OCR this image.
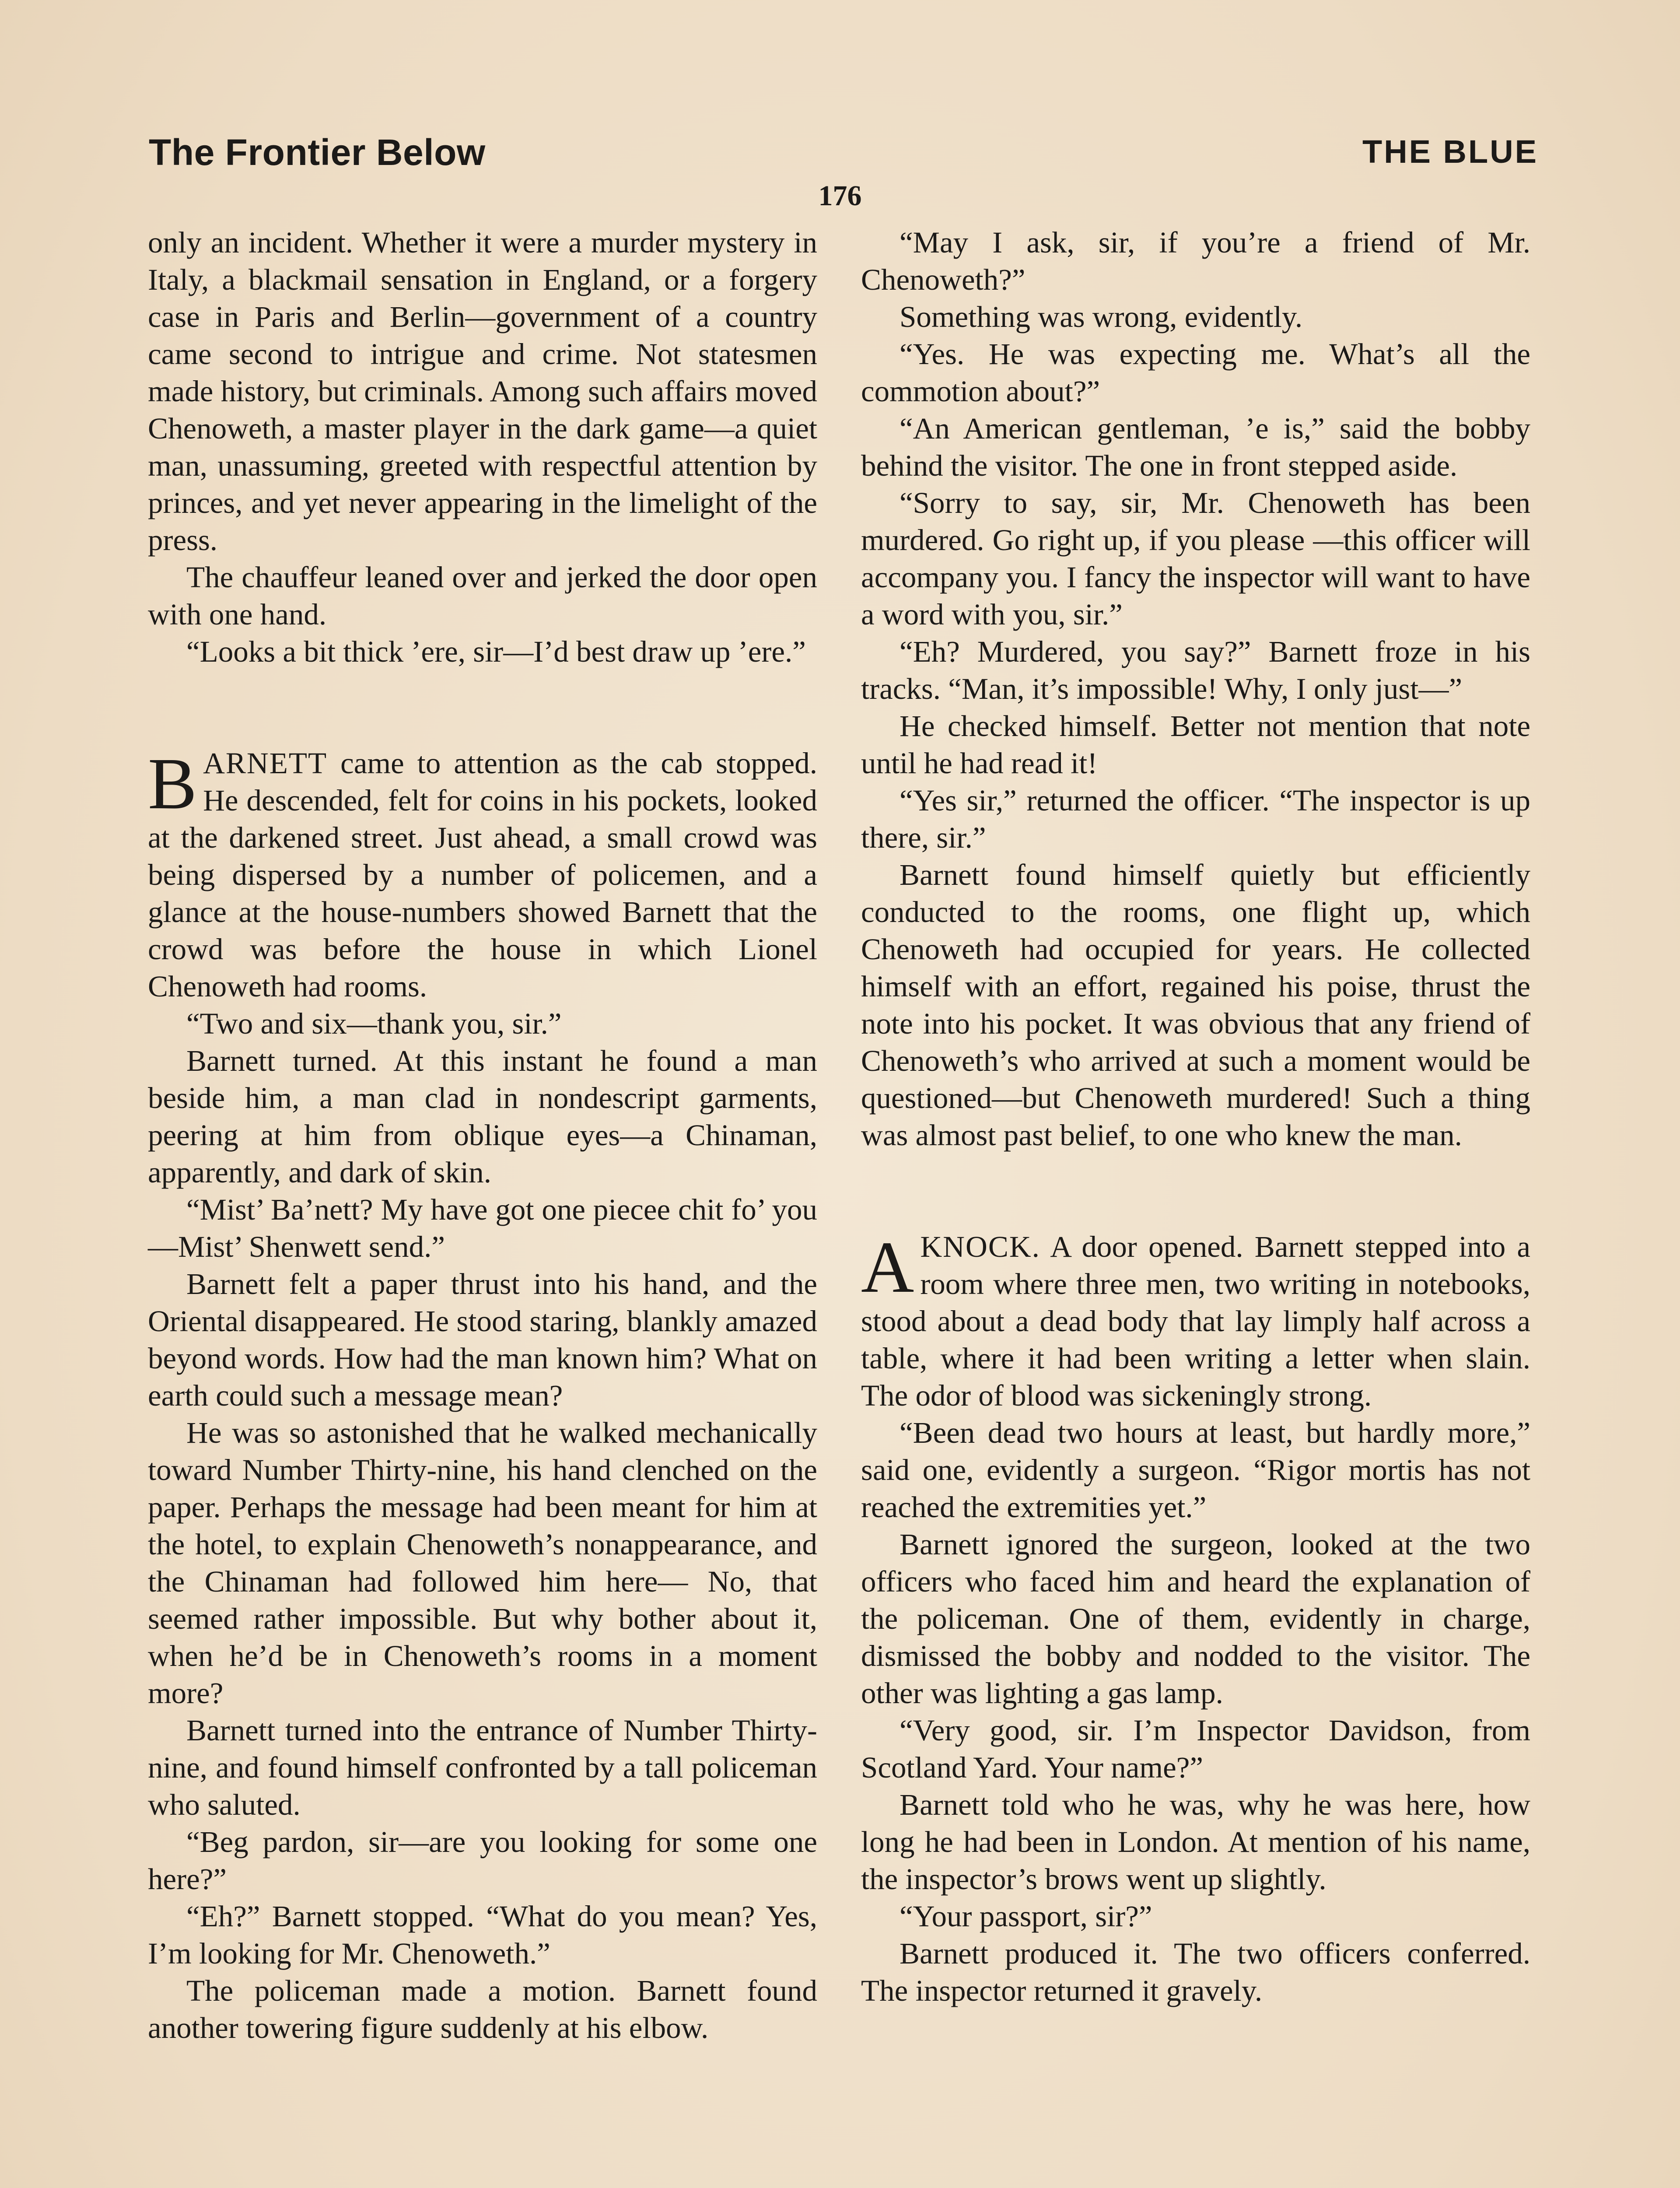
The Frontier Below	THE BLUE
176

only an incident. Whether it were a murder mystery in Italy, a blackmail sensation in England, or a forgery case in Paris and Berlin—government of a country came second to intrigue and crime. Not statesmen made history, but criminals. Among such affairs moved Chenoweth, a master player in the dark game—a quiet man, unassuming, greeted with respectful attention by princes, and yet never appearing in the limelight of the press.

The chauffeur leaned over and jerked the door open with one hand.

“Looks a bit thick ’ere, sir—I’d best draw up ’ere.”

BARNETT came to attention as the cab stopped. He descended, felt for coins in his pockets, looked at the darkened street. Just ahead, a small crowd was being dispersed by a number of policemen, and a glance at the house-numbers showed Barnett that the crowd was before the house in which Lionel Chenoweth had rooms.

“Two and six—thank you, sir.”

Barnett turned. At this instant he found a man beside him, a man clad in nondescript garments, peering at him from oblique eyes—a Chinaman, apparently, and dark of skin.

“Mist’ Ba’nett? My have got one piecee chit fo’ you—Mist’ Shenwett send.”

Barnett felt a paper thrust into his hand, and the Oriental disappeared. He stood staring, blankly amazed beyond words. How had the man known him? What on earth could such a message mean?

He was so astonished that he walked mechanically toward Number Thirty-nine, his hand clenched on the paper. Perhaps the message had been meant for him at the hotel, to explain Chenoweth’s nonappearance, and the Chinaman had followed him here— No, that seemed rather impossible. But why bother about it, when he’d be in Chenoweth’s rooms in a moment more?

Barnett turned into the entrance of Number Thirty-nine, and found himself confronted by a tall policeman who saluted.

“Beg pardon, sir—are you looking for some one here?”

“Eh?” Barnett stopped. “What do you mean? Yes, I’m looking for Mr. Chenoweth.”

The policeman made a motion. Barnett found another towering figure suddenly at his elbow.

“May I ask, sir, if you’re a friend of Mr. Chenoweth?”

Something was wrong, evidently.

“Yes. He was expecting me. What’s all the commotion about?”

“An American gentleman, ’e is,” said the bobby behind the visitor. The one in front stepped aside.

“Sorry to say, sir, Mr. Chenoweth has been murdered. Go right up, if you please —this officer will accompany you. I fancy the inspector will want to have a word with you, sir.”

“Eh? Murdered, you say?” Barnett froze in his tracks. “Man, it’s impossible! Why, I only just—”

He checked himself. Better not mention that note until he had read it!

“Yes sir,” returned the officer. “The inspector is up there, sir.”

Barnett found himself quietly but efficiently conducted to the rooms, one flight up, which Chenoweth had occupied for years. He collected himself with an effort, regained his poise, thrust the note into his pocket. It was obvious that any friend of Chenoweth’s who arrived at such a moment would be questioned—but Chenoweth murdered! Such a thing was almost past belief, to one who knew the man.

AKNOCK. A door opened. Barnett stepped into a room where three men, two writing in notebooks, stood about a dead body that lay limply half across a table, where it had been writing a letter when slain. The odor of blood was sickeningly strong.

“Been dead two hours at least, but hardly more,” said one, evidently a surgeon. “Rigor mortis has not reached the extremities yet.”

Barnett ignored the surgeon, looked at the two officers who faced him and heard the explanation of the policeman. One of them, evidently in charge, dismissed the bobby and nodded to the visitor. The other was lighting a gas lamp.

“Very good, sir. I’m Inspector Davidson, from Scotland Yard. Your name?”

Barnett told who he was, why he was here, how long he had been in London. At mention of his name, the inspector’s brows went up slightly.

“Your passport, sir?”

Barnett produced it. The two officers conferred. The inspector returned it gravely.
